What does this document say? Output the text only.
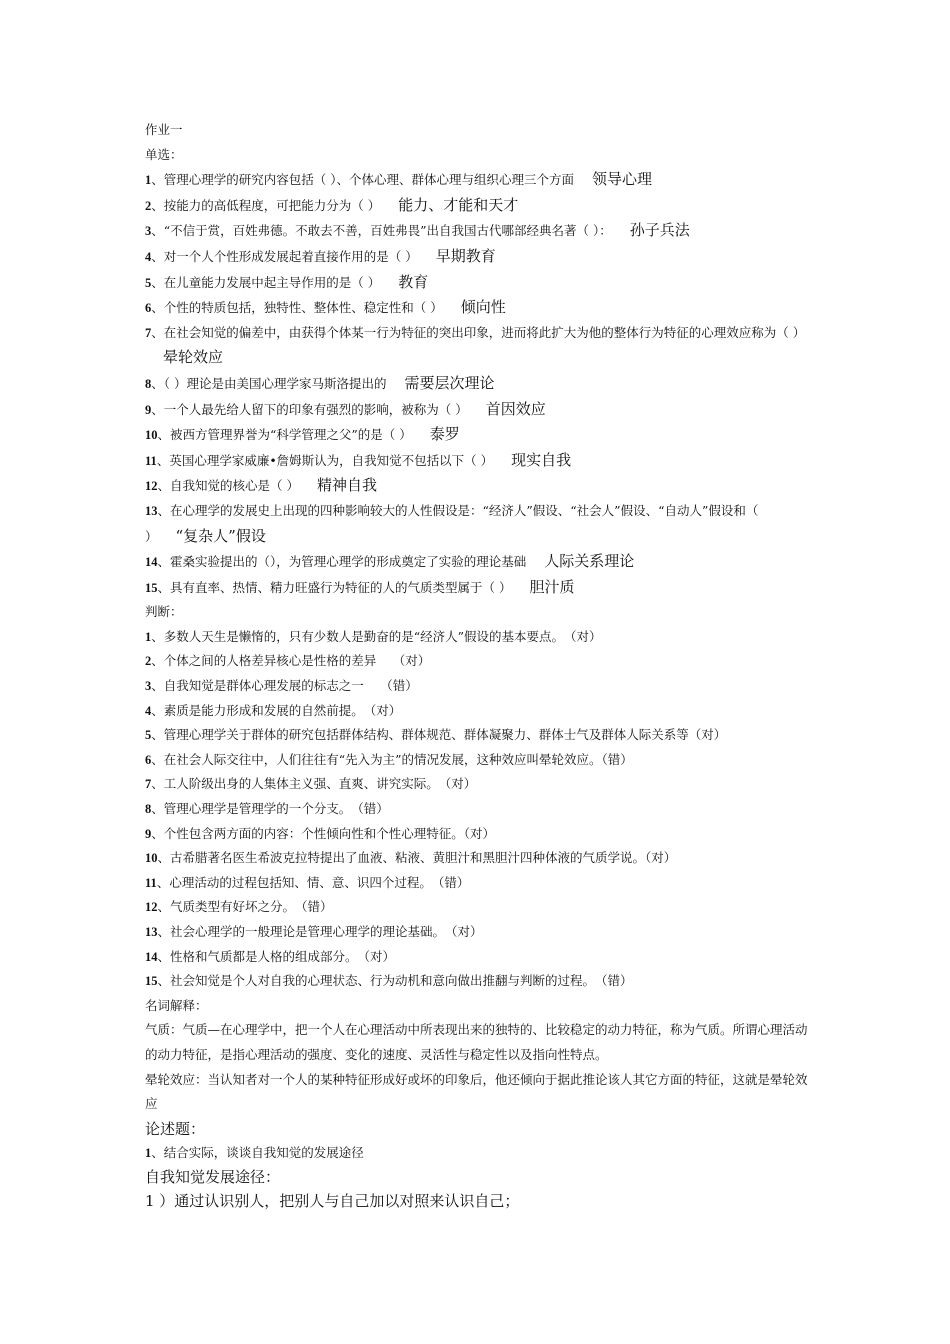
作业一
单选：
1、管理心理学的研究内容包括（ ）、个体心理、群体心理与组织心理三个方面 领导心理
2、按能力的高低程度，可把能力分为（ ） 能力、才能和天才
3、“不信于赏，百姓弗德。不敢去不善，百姓弗畏”出自我国古代哪部经典名著（ ）： 孙子兵法
4、对一个人个性形成发展起着直接作用的是（ ） 早期教育
5、在儿童能力发展中起主导作用的是（ ） 教育
6、个性的特质包括，独特性、整体性、稳定性和（ ） 倾向性
7、在社会知觉的偏差中，由获得个体某一行为特征的突出印象，进而将此扩大为他的整体行为特征的心理效应称为（ ）晕轮效应
8、（ ）理论是由美国心理学家马斯洛提出的 需要层次理论
9、一个人最先给人留下的印象有强烈的影响，被称为（ ） 首因效应
10、被西方管理界誉为“科学管理之父”的是（ ） 泰罗
11、英国心理学家威廉•詹姆斯认为，自我知觉不包括以下（ ） 现实自我
12、自我知觉的核心是（ ） 精神自我
13、在心理学的发展史上出现的四种影响较大的人性假设是：“经济人”假设、“社会人”假设、“自动人”假设和（ ） “复杂人”假设
14、霍桑实验提出的（），为管理心理学的形成奠定了实验的理论基础 人际关系理论
15、具有直率、热情、精力旺盛行为特征的人的气质类型属于（ ） 胆汁质
判断：
1、多数人天生是懒惰的，只有少数人是勤奋的是“经济人”假设的基本要点。　（对）
2、个体之间的人格差异核心是性格的差异　 （对）
3、自我知觉是群体心理发展的标志之一　 （错）
4、素质是能力形成和发展的自然前提。　（对）
5、管理心理学关于群体的研究包括群体结构、群体规范、群体凝聚力、群体士气及群体人际关系等（对）
6、在社会人际交往中，人们往往有“先入为主”的情况发展，这种效应叫晕轮效应。（错）
7、工人阶级出身的人集体主义强、直爽、讲究实际。　（对）
8、管理心理学是管理学的一个分支。　（错）
9、个性包含两方面的内容：个性倾向性和个性心理特征。（对）
10、古希腊著名医生希波克拉特提出了血液、粘液、黄胆汁和黑胆汁四种体液的气质学说。（对）
11、心理活动的过程包括知、情、意、识四个过程。　（错）
12、气质类型有好坏之分。　（错）
13、社会心理学的一般理论是管理心理学的理论基础。　（对）
14、性格和气质都是人格的组成部分。　（对）
15、社会知觉是个人对自我的心理状态、行为动机和意向做出推翻与判断的过程。　（错）
名词解释：
气质：气质—在心理学中，把一个人在心理活动中所表现出来的独特的、比较稳定的动力特征，称为气质。所谓心理活动的动力特征，是指心理活动的强度、变化的速度、灵活性与稳定性以及指向性特点。
晕轮效应：当认知者对一个人的某种特征形成好或坏的印象后，他还倾向于据此推论该人其它方面的特征，这就是晕轮效应
论述题：
1、结合实际，谈谈自我知觉的发展途径
自我知觉发展途径：
1 ）通过认识别人，把别人与自己加以对照来认识自己；
